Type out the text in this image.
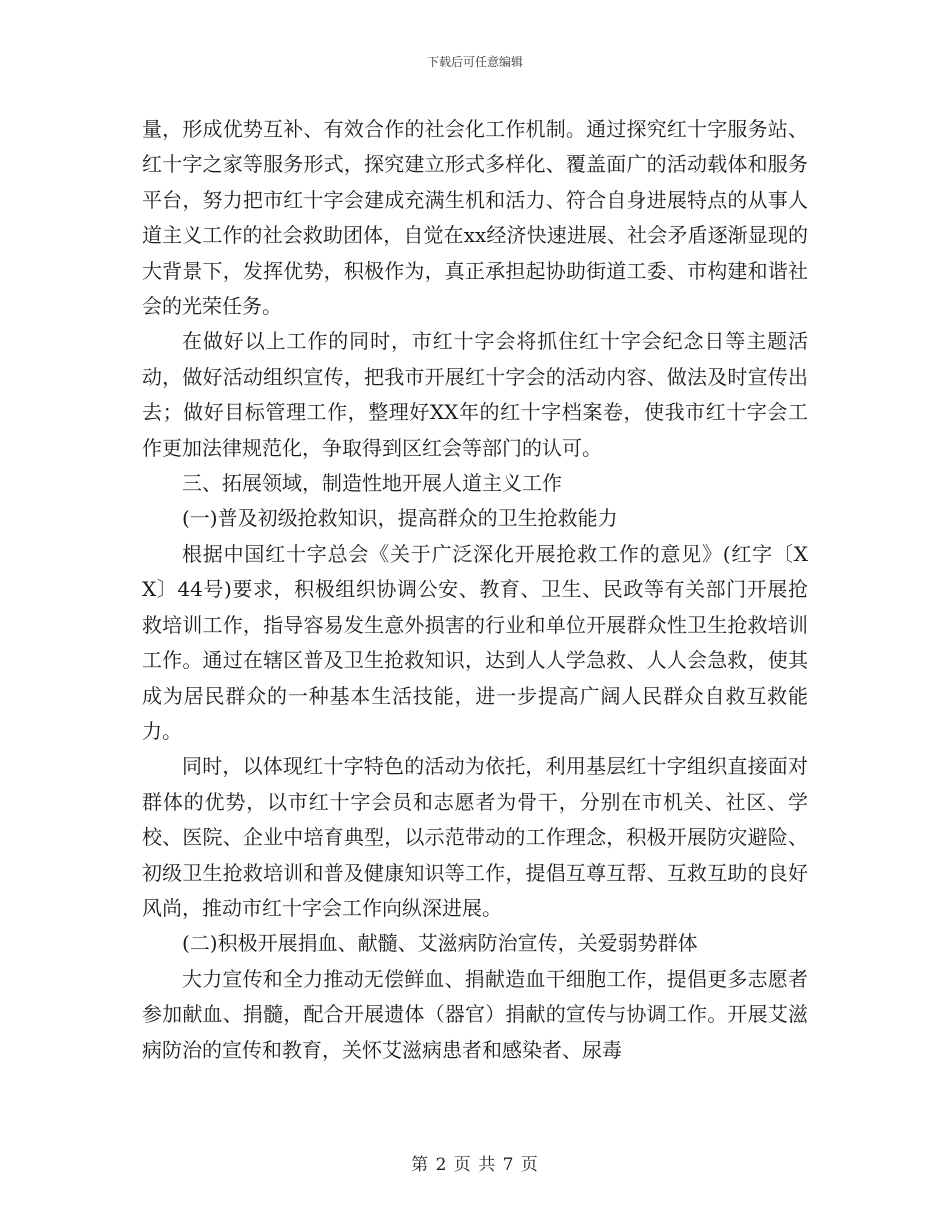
下载后可任意编辑

量，形成优势互补、有效合作的社会化工作机制。通过探究红十字服务站、红十字之家等服务形式，探究建立形式多样化、覆盖面广的活动载体和服务平台，努力把市红十字会建成充满生机和活力、符合自身进展特点的从事人道主义工作的社会救助团体，自觉在xx经济快速进展、社会矛盾逐渐显现的大背景下，发挥优势，积极作为，真正承担起协助街道工委、市构建和谐社会的光荣任务。

在做好以上工作的同时，市红十字会将抓住红十字会纪念日等主题活动，做好活动组织宣传，把我市开展红十字会的活动内容、做法及时宣传出去；做好目标管理工作，整理好XX年的红十字档案卷，使我市红十字会工作更加法律规范化，争取得到区红会等部门的认可。

三、拓展领域，制造性地开展人道主义工作

(一)普及初级抢救知识，提高群众的卫生抢救能力

根据中国红十字总会《关于广泛深化开展抢救工作的意见》(红字〔XX〕44号)要求，积极组织协调公安、教育、卫生、民政等有关部门开展抢救培训工作，指导容易发生意外损害的行业和单位开展群众性卫生抢救培训工作。通过在辖区普及卫生抢救知识，达到人人学急救、人人会急救，使其成为居民群众的一种基本生活技能，进一步提高广阔人民群众自救互救能力。

同时，以体现红十字特色的活动为依托，利用基层红十字组织直接面对群体的优势，以市红十字会员和志愿者为骨干，分别在市机关、社区、学校、医院、企业中培育典型，以示范带动的工作理念，积极开展防灾避险、初级卫生抢救培训和普及健康知识等工作，提倡互尊互帮、互救互助的良好风尚，推动市红十字会工作向纵深进展。

(二)积极开展捐血、献髓、艾滋病防治宣传，关爱弱势群体

大力宣传和全力推动无偿鲜血、捐献造血干细胞工作，提倡更多志愿者参加献血、捐髓，配合开展遗体（器官）捐献的宣传与协调工作。开展艾滋病防治的宣传和教育，关怀艾滋病患者和感染者、尿毒

第 2 页 共 7 页
